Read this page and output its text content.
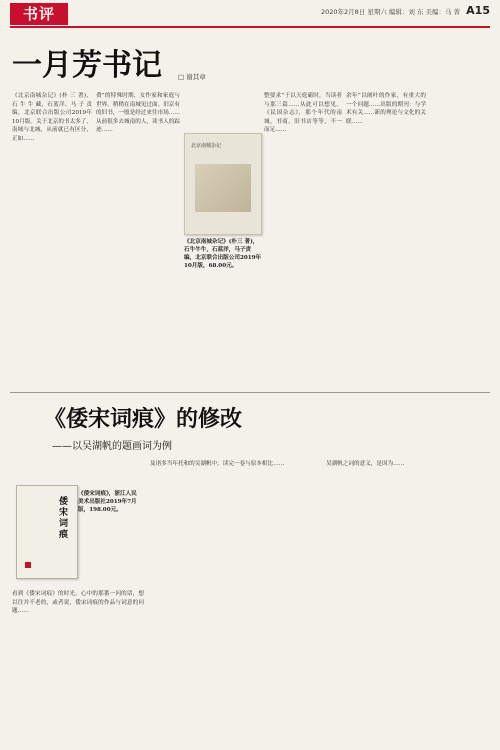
书评	2020年2月8日 星期六 编辑：刘 东 美编：马 菁 A15
一月芳书记 □ 谢其章
《北京南城杂记》(朴 三 著)，石 牛 牛 藏，石蓝洋、马 子 责 编，北京联合出版公司2019年10月版。关于北京的书太多了，南城与北城，从前就已有区分，正如……
费”的特殊时期，女作家和家庭与世界。稍稍在南城见过面。旧京有的旧书，一般是经过来往市场……从前很多去城南的人，读书人的踪迹……
北京南城杂记
《北京南城杂记》(朴三 著)，石牛牛牛，石蓝洋，马子责编，北京联合出版公司2019年10月版，68.00元。
整要求”于以天庭霸时，当读者与那三篇……从此可以想见。《民国杂志》，那个年代的南城，书商，旧书店等等，不一而足……
余年”以阐叶的作家，有重大的一个问题……出版的期刊：与学术有关……新的理论与文化的关联……
《倭宋词痕》的修改
——以吴湖帆的题画词为例
倭宋词痕
《倭宋词痕》，浙江人民美术出版社2019年7月版，198.00元。
看到《倭宋词痕》的时光，心中的那番一问的话，想以往并不老的，或者说，倭宋词痕的作品与词意的问题……
及诸多当年托和的吴湖帆中，读完一卷与原本相比……	吴湖帆之词的意义，是因为……
